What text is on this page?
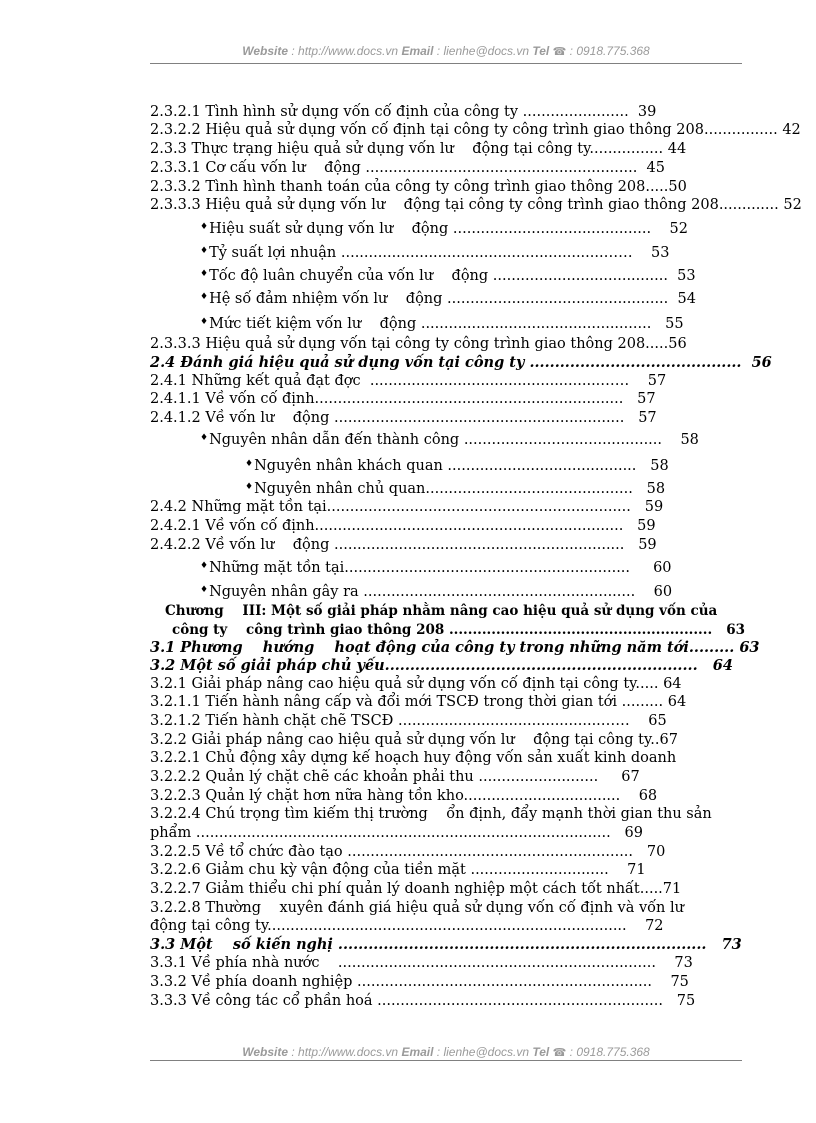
Website : http://www.docs.vn Email : lienhe@docs.vn Tel ☎ : 0918.775.368
2.3.2.1 Tình hình sử dụng vốn cố định của công ty .......................  39
2.3.2.2 Hiệu quả sử dụng vốn cố định tại công ty công trình giao thông 208................ 42
2.3.3 Thực trạng hiệu quả sử dụng vốn lư    động tại công ty................ 44
2.3.3.1 Cơ cấu vốn lư    động ...........................................................  45
2.3.3.2 Tình hình thanh toán của công ty công trình giao thông 208.....50
2.3.3.3 Hiệu quả sử dụng vốn lư    động tại công ty công trình giao thông 208............. 52
♦Hiệu suất sử dụng vốn lư    động ...........................................    52
♦Tỷ suất lợi nhuận .........................................................……    53
♦Tốc độ luân chuyển của vốn lư    động ......................................  53
♦Hệ số đảm nhiệm vốn lư    động ................................................  54
♦Mức tiết kiệm vốn lư    động ..................................................   55
2.3.3.3 Hiệu quả sử dụng vốn tại công ty công trình giao thông 208.....56
2.4 Đánh giá hiệu quả sử dụng vốn tại công ty ..........................................  56
2.4.1 Những kết quả đạt đợc  ..................................................……    57
2.4.1.1 Về vốn cố định...................................................................   57
2.4.1.2 Về vốn lư    động ...............................................................   57
♦Nguyên nhân dẫn đến thành công ...........................................    58
♦Nguyên nhân khách quan .........................................   58
♦Nguyên nhân chủ quan.............................................   58
2.4.2 Những mặt tồn tại..................................................................   59
2.4.2.1 Về vốn cố định...................................................................   59
2.4.2.2 Về vốn lư    động ...............................................................   59
♦Những mặt tồn tại..............................................................     60
♦Nguyên nhân gây ra ...........................................................    60
Chương    III: Một số giải pháp nhằm nâng cao hiệu quả sử dụng vốn của
công ty    công trình giao thông 208 ........................................................   63
3.1 Phương    hướng    hoạt động của công ty trong những năm tới......... 63
3.2 Một số giải pháp chủ yếu..............................................................   64
3.2.1 Giải pháp nâng cao hiệu quả sử dụng vốn cố định tại công ty..... 64
3.2.1.1 Tiến hành nâng cấp và đổi mới TSCĐ trong thời gian tới ......... 64
3.2.1.2 Tiến hành chặt chẽ TSCĐ ............................................……    65
3.2.2 Giải pháp nâng cao hiệu quả sử dụng vốn lư    động tại công ty..67
3.2.2.1 Chủ động xây dựng kế hoạch huy động vốn sản xuất kinh doanh
3.2.2.2 Quản lý chặt chẽ các khoản phải thu ..........................     67
3.2.2.3 Quản lý chặt hơn nữa hàng tồn kho..................................    68
3.2.2.4 Chú trọng tìm kiếm thị trường    ổn định, đẩy mạnh thời gian thu sản
phẩm ..........................................................................................   69
3.2.2.5 Về tổ chức đào tạo ..............................................................   70
3.2.2.6 Giảm chu kỳ vận động của tiền mặt ..............................    71
3.2.2.7 Giảm thiểu chi phí quản lý doanh nghiệp một cách tốt nhất.....71
3.2.2.8 Thường    xuyên đánh giá hiệu quả sử dụng vốn cố định và vốn lư
động tại công ty..............................................................................    72
3.3 Một    số kiến nghị .........................................................................   73
3.3.1 Về phía nhà nước    .....................................................................    73
3.3.2 Về phía doanh nghiệp ................................................................    75
3.3.3 Về công tác cổ phần hoá ..............................................................   75
Website : http://www.docs.vn Email : lienhe@docs.vn Tel ☎ : 0918.775.368
